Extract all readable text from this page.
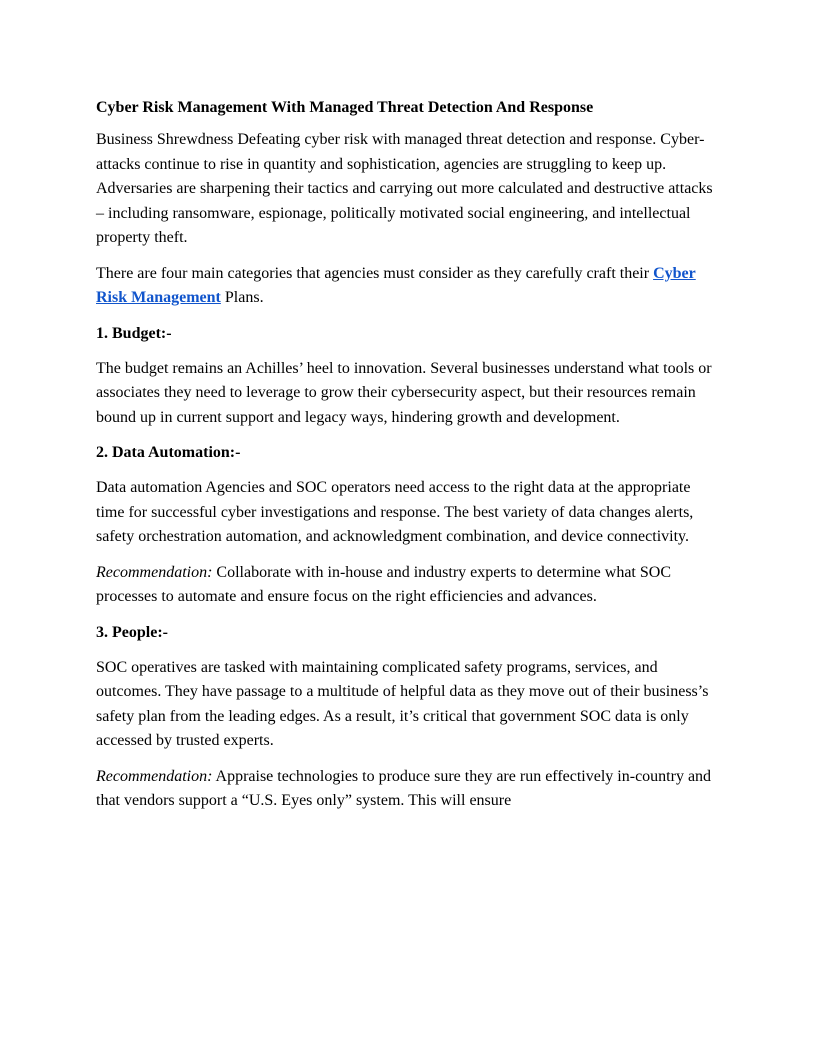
Cyber Risk Management With Managed Threat Detection And Response

Business Shrewdness Defeating cyber risk with managed threat detection and response. Cyber-attacks continue to rise in quantity and sophistication, agencies are struggling to keep up. Adversaries are sharpening their tactics and carrying out more calculated and destructive attacks – including ransomware, espionage, politically motivated social engineering, and intellectual property theft.

There are four main categories that agencies must consider as they carefully craft their Cyber Risk Management Plans.

1. Budget:-

The budget remains an Achilles’ heel to innovation. Several businesses understand what tools or associates they need to leverage to grow their cybersecurity aspect, but their resources remain bound up in current support and legacy ways, hindering growth and development.

2. Data Automation:-

Data automation Agencies and SOC operators need access to the right data at the appropriate time for successful cyber investigations and response. The best variety of data changes alerts, safety orchestration automation, and acknowledgment combination, and device connectivity.

Recommendation: Collaborate with in-house and industry experts to determine what SOC processes to automate and ensure focus on the right efficiencies and advances.

3. People:-

SOC operatives are tasked with maintaining complicated safety programs, services, and outcomes. They have passage to a multitude of helpful data as they move out of their business’s safety plan from the leading edges. As a result, it’s critical that government SOC data is only accessed by trusted experts.

Recommendation: Appraise technologies to produce sure they are run effectively in-country and that vendors support a “U.S. Eyes only” system. This will ensure
